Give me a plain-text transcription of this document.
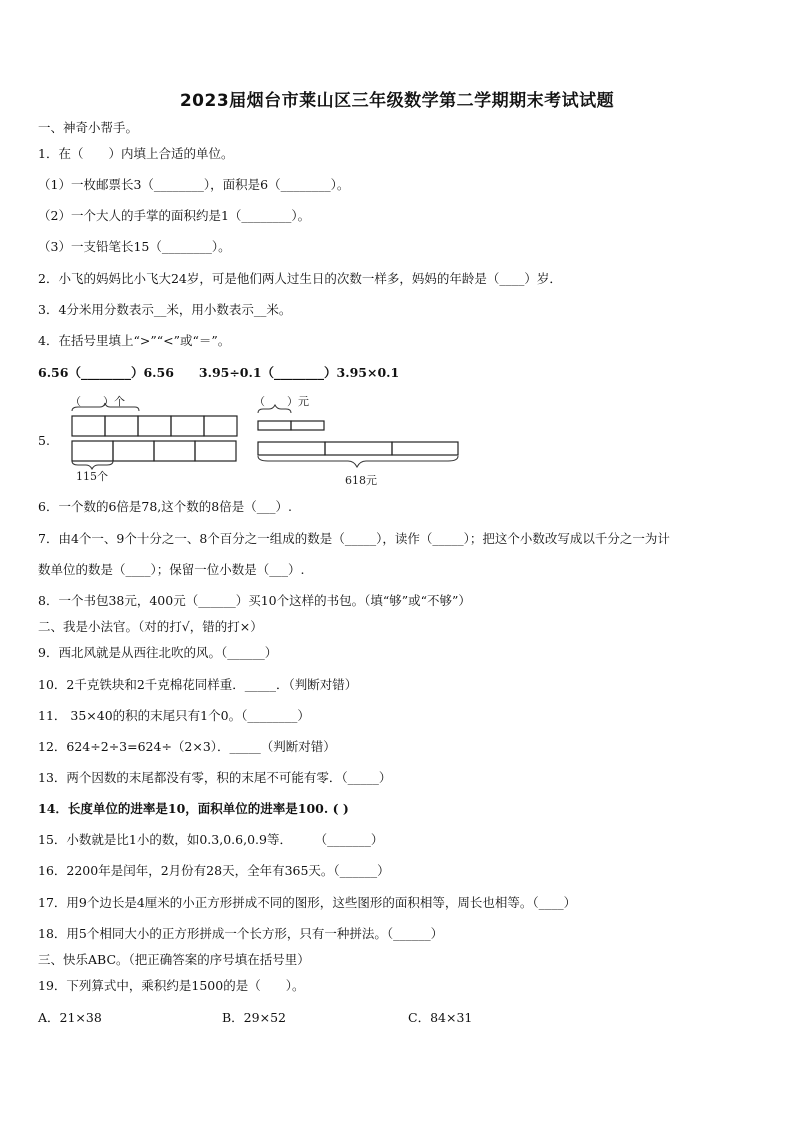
2023届烟台市莱山区三年级数学第二学期期末考试试题
一、神奇小帮手。
1．在（　　）内填上合适的单位。
（1）一枚邮票长3（________），面积是6（________）。
（2）一个大人的手掌的面积约是1（________）。
（3）一支铅笔长15（________）。
2．小飞的妈妈比小飞大24岁，可是他们两人过生日的次数一样多，妈妈的年龄是（____）岁．
3．4分米用分数表示__米，用小数表示__米。
4．在括号里填上“>”“<”或“＝”。
6.56（________）6.56　　3.95÷0.1（________）3.95×0.1
5.
（　　）个
115个
（　　）元
618元
6．一个数的6倍是78,这个数的8倍是（___）.
7．由4个一、9个十分之一、8个百分之一组成的数是（_____），读作（_____）；把这个小数改写成以千分之一为计
数单位的数是（____）；保留一位小数是（___）.
8．一个书包38元，400元（______）买10个这样的书包。（填“够”或“不够”）
二、我是小法官。（对的打√，错的打×）
9．西北风就是从西往北吹的风。（______）
10．2千克铁块和2千克棉花同样重．_____．（判断对错）
11． 35×40的积的末尾只有1个0。（________）
12．624÷2÷3=624÷（2×3）．_____（判断对错）
13．两个因数的末尾都没有零，积的末尾不可能有零．（_____）
14．长度单位的进率是10，面积单位的进率是100. ( )
15．小数就是比1小的数，如0.3,0.6,0.9等．　　 （_______）
16．2200年是闰年，2月份有28天，全年有365天。（______）
17．用9个边长是4厘米的小正方形拼成不同的图形，这些图形的面积相等，周长也相等。（____）
18．用5个相同大小的正方形拼成一个长方形，只有一种拼法。（______）
三、快乐ABC。（把正确答案的序号填在括号里）
19．下列算式中，乘积约是1500的是（　　）。
A．21×38	B．29×52	C．84×31
